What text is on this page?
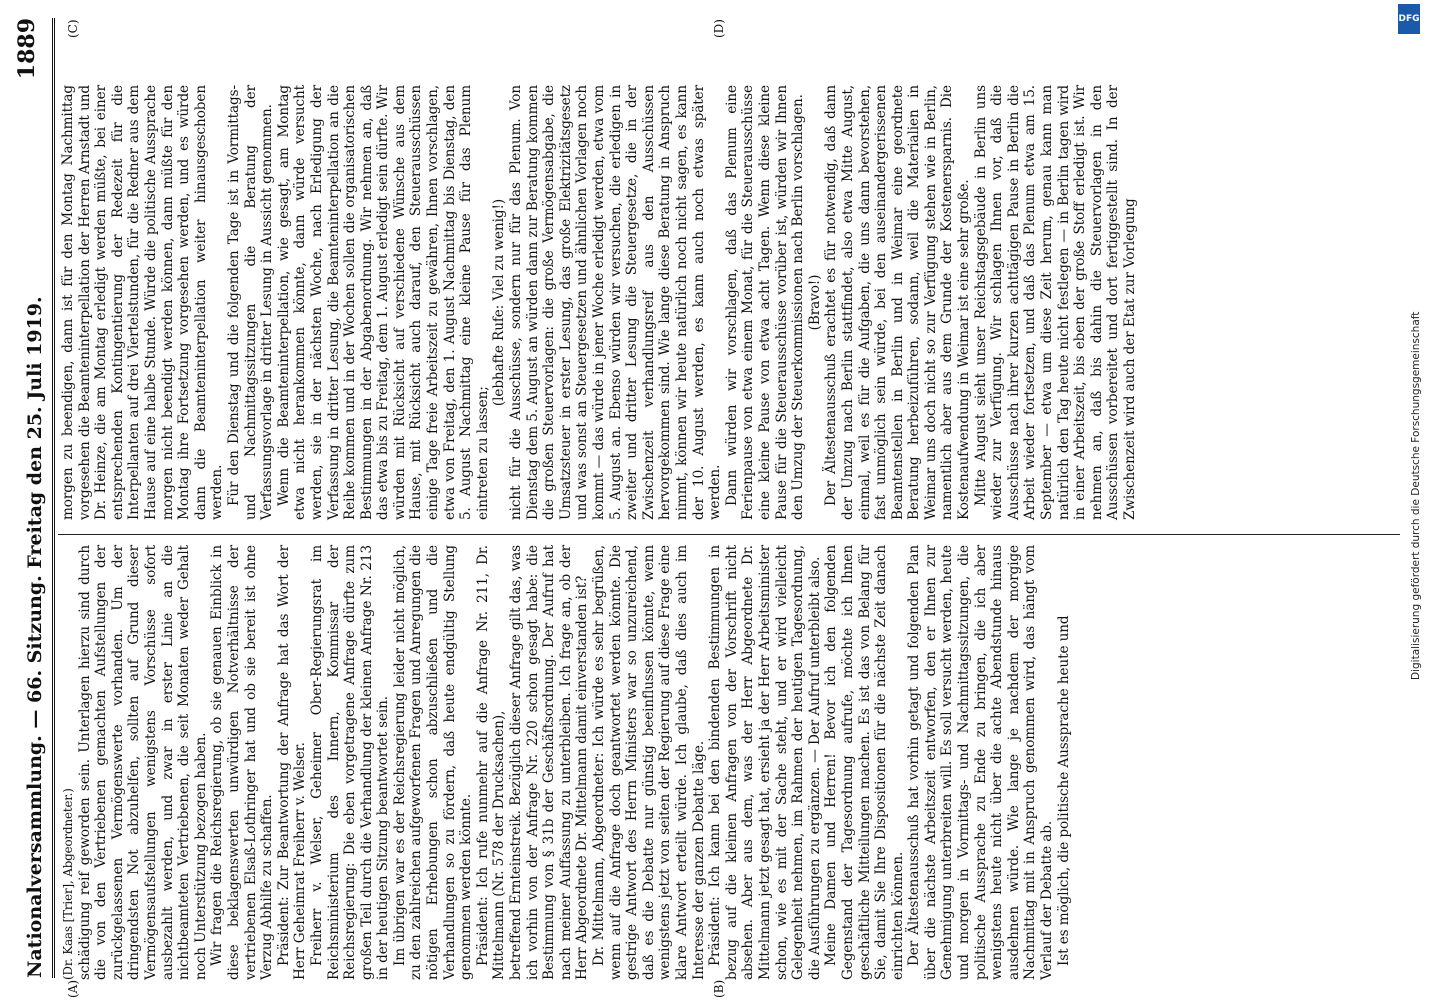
Nationalversammlung. — 66. Sitzung. Freitag den 25. Juli 1919.
1889
(A)	(B)
(C)	(D)

(Dr. Kaas [Trier], Abgeordneter.) schädigung reif geworden sein. Unterlagen hierzu sind durch die von den Vertriebenen gemachten Aufstellungen der zurückgelassenen Vermögenswerte vorhanden. Um der dringendsten Not abzuhelfen, sollten auf Grund dieser Vermögensaufstellungen wenigstens Vorschüsse sofort ausbezahlt werden, und zwar in erster Linie an die nichtbeamteten Vertriebenen, die seit Monaten weder Gehalt noch Unterstützung bezogen haben. Wir fragen die Reichsregierung, ob sie genauen Einblick in diese beklagenswerten unwürdigen Notverhältnisse der vertriebenen Elsaß-Lothringer hat und ob sie bereit ist ohne Verzug Abhilfe zu schaffen. Präsident: Zur Beantwortung der Anfrage hat das Wort der Herr Geheimrat Freiherr v. Welser. Freiherr v. Welser, Geheimer Ober-Regierungsrat im Reichsministerium des Innern, Kommissar der Reichsregierung: Die eben vorgetragene Anfrage dürfte zum großen Teil durch die Verhandlung der kleinen Anfrage Nr. 213 in der heutigen Sitzung beantwortet sein. Im übrigen war es der Reichsregierung leider nicht möglich, zu den zahlreichen aufgeworfenen Fragen und Anregungen die nötigen Erhebungen schon abzuschließen und die Verhandlungen so zu fördern, daß heute endgültig Stellung genommen werden könnte. Präsident: Ich rufe nunmehr auf die Anfrage Nr. 211, Dr. Mittelmann (Nr. 578 der Drucksachen), betreffend Ernteinstreik. Bezüglich dieser Anfrage gilt das, was ich vorhin von der Anfrage Nr. 220 schon gesagt habe: die Bestimmung von § 31b der Geschäftsordnung. Der Aufruf hat nach meiner Auffassung zu unterbleiben. Ich frage an, ob der Herr Abgeordnete Dr. Mittelmann damit einverstanden ist? Dr. Mittelmann, Abgeordneter: Ich würde es sehr begrüßen, wenn auf die Anfrage doch geantwortet werden könnte. Die gestrige Antwort des Herrn Ministers war so unzureichend, daß es die Debatte nur günstig beeinflussen könnte, wenn wenigstens jetzt von seiten der Regierung auf diese Frage eine klare Antwort erteilt würde. Ich glaube, daß dies auch im Interesse der ganzen Debatte läge. Präsident: Ich kann bei den bindenden Bestimmungen in bezug auf die kleinen Anfragen von der Vorschrift nicht absehen. Aber aus dem, was der Herr Abgeordnete Dr. Mittelmann jetzt gesagt hat, ersieht ja der Herr Arbeitsminister schon, wie es mit der Sache steht, und er wird vielleicht Gelegenheit nehmen, im Rahmen der heutigen Tagesordnung, die Ausführungen zu ergänzen. — Der Aufruf unterbleibt also. Meine Damen und Herren! Bevor ich den folgenden Gegenstand der Tagesordnung aufrufe, möchte ich Ihnen geschäftliche Mitteilungen machen. Es ist das von Belang für Sie, damit Sie Ihre Dispositionen für die nächste Zeit danach einrichten können. Der Ältestenausschuß hat vorhin getagt und folgenden Plan über die nächste Arbeitszeit entworfen, den er Ihnen zur Genehmigung unterbreiten will. Es soll versucht werden, heute und morgen in Vormittags- und Nachmittagssitzungen, die politische Aussprache zu Ende zu bringen, die ich aber wenigstens heute nicht über die achte Abendstunde hinaus ausdehnen würde. Wie lange je nachdem der morgige Nachmittag mit in Anspruch genommen wird, das hängt vom Verlauf der Debatte ab. Ist es möglich, die politische Aussprache heute und

morgen zu beendigen, dann ist für den Montag Nachmittag vorgesehen die Beamteninterpellation der Herren Arnstadt und Dr. Heinze, die am Montag erledigt werden müßte, bei einer entsprechenden Kontingentierung der Redezeit für die Interpellanten auf drei Viertelstunden, für die Redner aus dem Hause auf eine halbe Stunde. Würde die politische Aussprache morgen nicht beendigt werden können, dann müßte für den Montag ihre Fortsetzung vorgesehen werden, und es würde dann die Beamteninterpellation weiter hinausgeschoben werden. Für den Dienstag und die folgenden Tage ist in Vormittags- und Nachmittagssitzungen die Beratung der Verfassungsvorlage in dritter Lesung in Aussicht genommen. Wenn die Beamteninterpellation, wie gesagt, am Montag etwa nicht herankommen könnte, dann würde versucht werden, sie in der nächsten Woche, nach Erledigung der Verfassung in dritter Lesung, die Beamteninterpellation an die Reihe kommen und in der Wochen sollen die organisatorischen Bestimmungen in der Abgabenordnung. Wir nehmen an, daß das etwa bis zu Freitag, dem 1. August erledigt sein dürfte. Wir würden mit Rücksicht auf verschiedene Wünsche aus dem Hause, mit Rücksicht auch darauf, den Steuerausschüssen einige Tage freie Arbeitszeit zu gewähren, Ihnen vorschlagen, etwa von Freitag, den 1. August Nachmittag bis Dienstag, den 5. August Nachmittag eine kleine Pause für das Plenum eintreten zu lassen;

(lebhafte Rufe: Viel zu wenig!) nicht für die Ausschüsse, sondern nur für das Plenum. Von Dienstag dem 5. August an würden dann zur Beratung kommen die großen Steuervorlagen: die große Vermögensabgabe, die Umsatzsteuer in erster Lesung, das große Elektrizitätsgesetz und was sonst an Steuergesetzen und ähnlichen Vorlagen noch kommt — das würde in jener Woche erledigt werden, etwa vom 5. August an. Ebenso würden wir versuchen, die erledigen in zweiter und dritter Lesung die Steuergesetze, die in der Zwischenzeit verhandlungsreif aus den Ausschüssen hervorgekommen sind. Wie lange diese Beratung in Anspruch nimmt, können wir heute natürlich noch nicht sagen, es kann der 10. August werden, es kann auch noch etwas später werden. Dann würden wir vorschlagen, daß das Plenum eine Ferienpause von etwa einem Monat, für die Steuerausschüsse eine kleine Pause von etwa acht Tagen. Wenn diese kleine Pause für die Steuerausschüsse vorüber ist, würden wir Ihnen den Umzug der Steuerkommissionen nach Berlin vorschlagen. (Bravo!) Der Ältestenausschuß erachtet es für notwendig, daß dann der Umzug nach Berlin stattfindet, also etwa Mitte August, einmal, weil es für die Aufgaben, die uns dann bevorstehen, fast unmöglich sein würde, bei den auseinandergerissenen Beamtenstellen in Berlin und in Weimar eine geordnete Beratung herbeizuführen, sodann, weil die Materialien in Weimar uns doch nicht so zur Verfügung stehen wie in Berlin, namentlich aber aus dem Grunde der Kostenersparnis. Die Kostenaufwendung in Weimar ist eine sehr große. Mitte August sieht unser Reichstagsgebäude in Berlin uns wieder zur Verfügung. Wir schlagen Ihnen vor, daß die Ausschüsse nach ihrer kurzen achttägigen Pause in Berlin die Arbeit wieder fortsetzen, und daß das Plenum etwa am 15. September — etwa um diese Zeit herum, genau kann man natürlich den Tag heute nicht festlegen — in Berlin tagen wird in einer Arbeitszeit, bis eben der große Stoff erledigt ist. Wir nehmen an, daß bis dahin die Steuervorlagen in den Ausschüssen vorbereitet und dort fertiggestellt sind. In der Zwischenzeit wird auch der Etat zur Vorlegung

DFG
Digitalisierung gefördert durch die Deutsche Forschungsgemeinschaft
